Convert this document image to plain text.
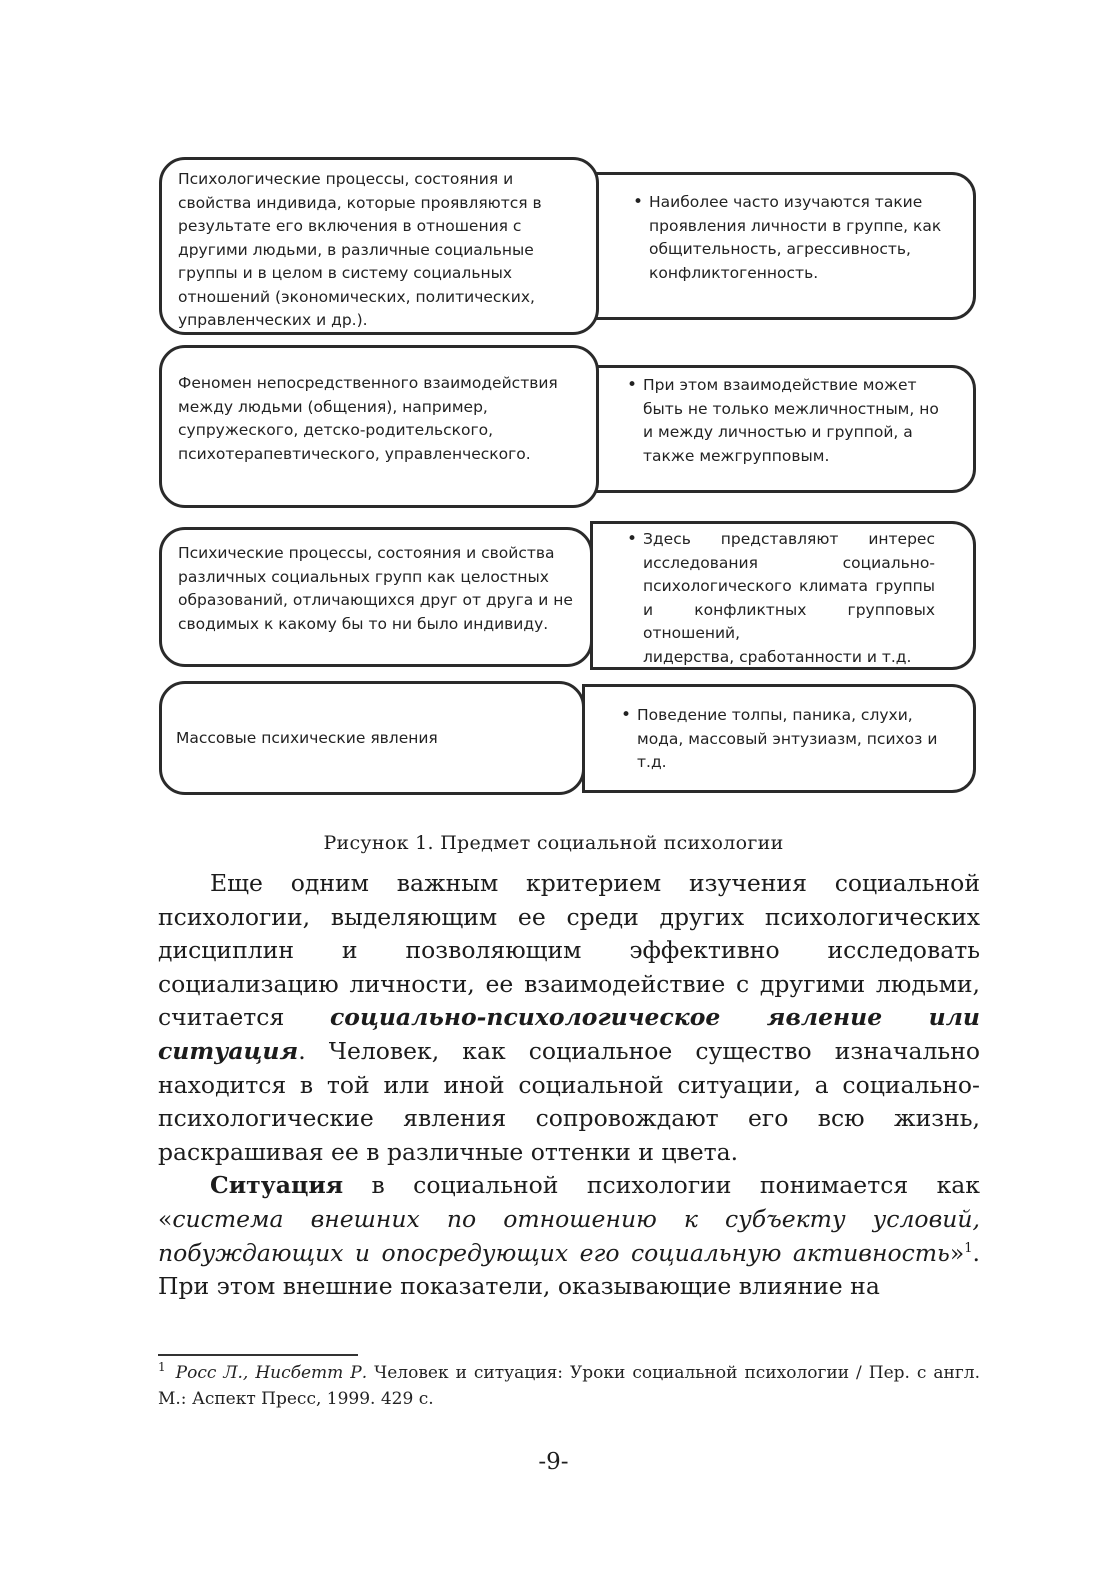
Психологические процессы, состояния и свойства индивида, которые проявляются в результате его включения в отношения с другими людьми, в различные социальные группы и в целом в систему социальных отношений (экономических, политических, управленческих и др.).
• Наиболее часто изучаются такие проявления личности в группе, как общительность, агрессивность, конфликтогенность.
Феномен непосредственного взаимодействия между людьми (общения), например, супружеского, детско-родительского, психотерапевтического, управленческого.
• При этом взаимодействие может быть не только межличностным, но и между личностью и группой, а также межгрупповым.
Психические процессы, состояния и свойства различных социальных групп как целостных образований, отличающихся друг от друга и не сводимых к какому бы то ни было индивиду.
• Здесь представляют интерес исследования социально-психологического климата группы и конфликтных групповых отношений,
лидерства, сработанности и т.д.
Массовые психические явления
• Поведение толпы, паника, слухи, мода, массовый энтузиазм, психоз и т.д.
Рисунок 1. Предмет социальной психологии

Еще одним важным критерием изучения социальной психологии, выделяющим ее среди других психологических дисциплин и позволяющим эффективно исследовать социализацию личности, ее взаимодействие с другими людьми, считается социально-психологическое явление или ситуация. Человек, как социальное существо изначально находится в той или иной социальной ситуации, а социально-психологические явления сопровождают его всю жизнь, раскрашивая ее в различные оттенки и цвета.

Ситуация в социальной психологии понимается как «система внешних по отношению к субъекту условий, побуждающих и опосредующих его социальную активность»$^1$. При этом внешние показатели, оказывающие влияние на

$^1$ Росс Л., Нисбетт Р. Человек и ситуация: Уроки социальной психологии / Пер. с англ. М.: Аспект Пресс, 1999. 429 с.
-9-
